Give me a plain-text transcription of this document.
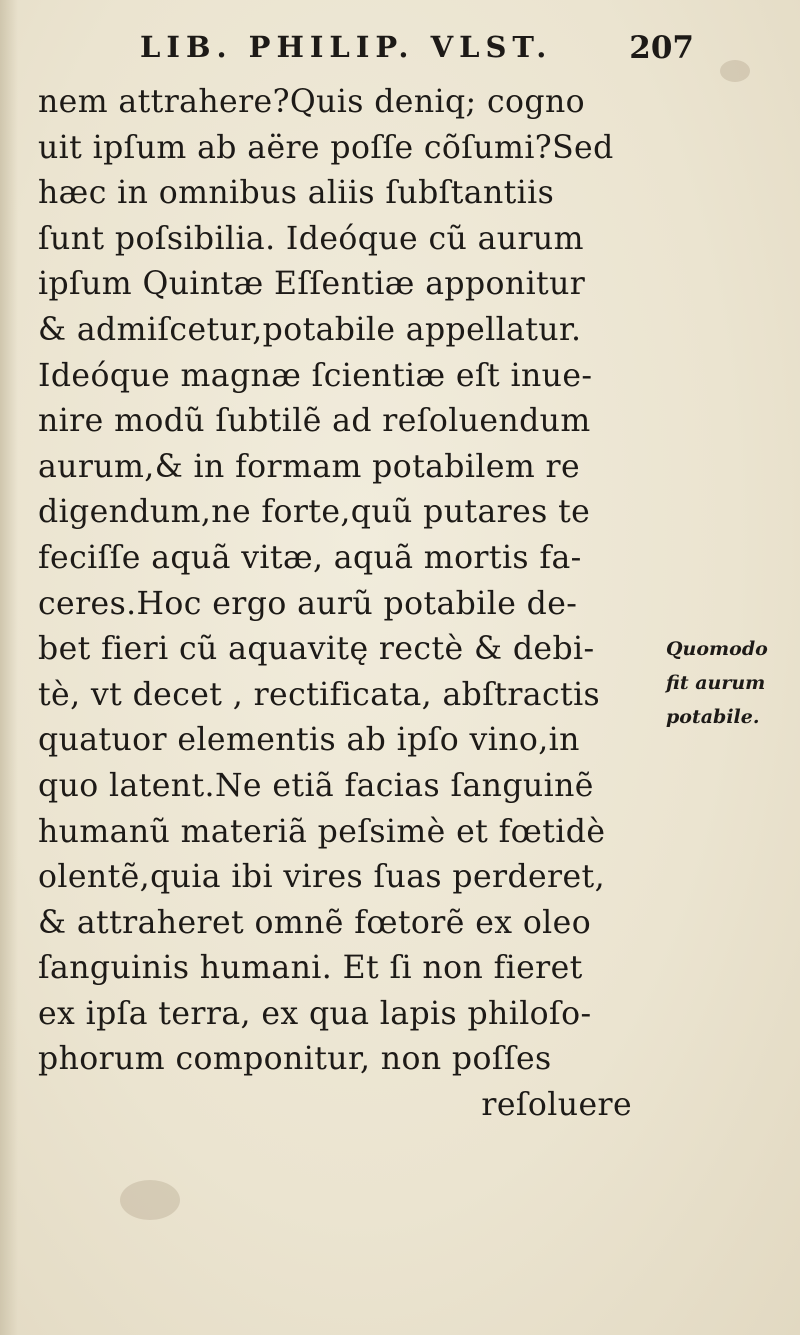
LIB. PHILIP. VLST. 207
nem attrahere?Quis deniq; cogno
uit ipſum ab aëre poſſe cõſumi?Sed
hæc in omnibus aliis ſubſtantiis
ſunt poſsibilia. Ideóque cũ aurum
ipſum Quintæ Eſſentiæ apponitur
& admiſcetur,potabile appellatur.
Ideóque magnæ ſcientiæ eſt inue-
nire modũ ſubtilẽ ad reſoluendum
aurum,& in formam potabilem re
digendum,ne forte,quũ putares te
feciſſe aquã vitæ, aquã mortis fa-
ceres.Hoc ergo aurũ potabile de-
bet fieri cũ aquavitę rectè & debi-
tè, vt decet , rectificata, abſtractis
quatuor elementis ab ipſo vino,in
quo latent.Ne etiã facias ſanguinẽ
humanũ materiã peſsimè et fœtidè
olentẽ,quia ibi vires ſuas perderet,
& attraheret omnẽ fœtorẽ ex oleo
ſanguinis humani. Et ſi non fieret
ex ipſa terra, ex qua lapis philoſo-
phorum componitur, non poſſes
reſoluere
Quomodo
fit aurum
potabile.
